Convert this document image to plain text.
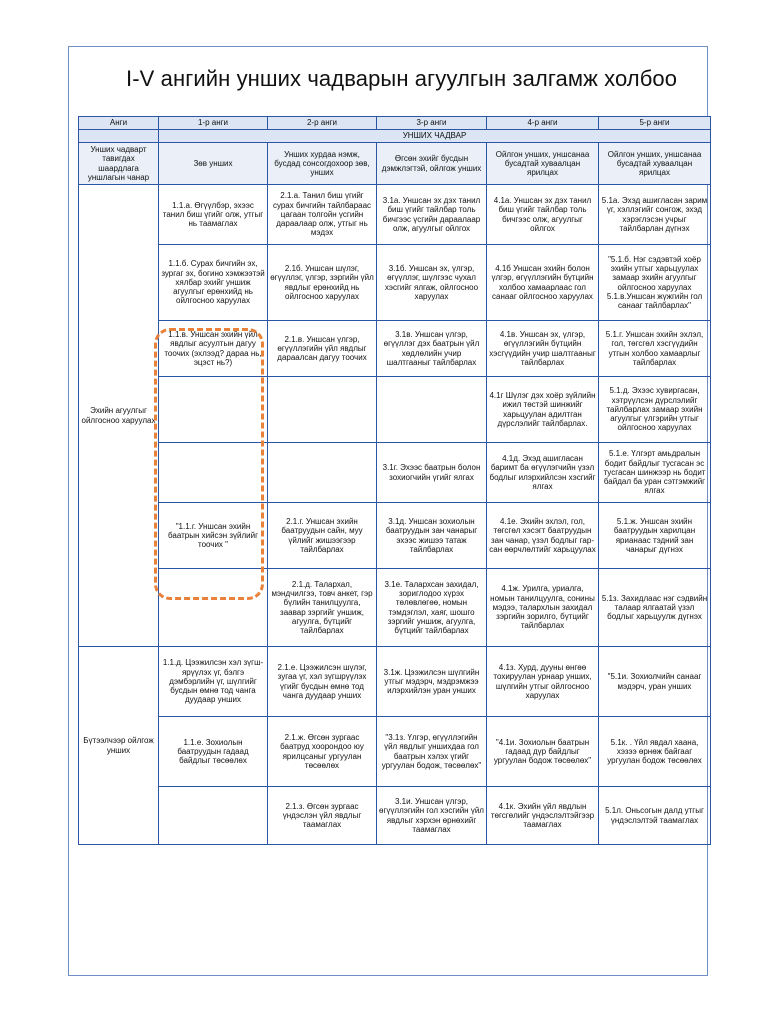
I-V ангийн унших чадварын агуулгын залгамж холбоо
Анги	1-р анги	2-р анги	3-р анги	4-р анги	5-р анги
	УНШИХ ЧАДВАР				
Унших чадварт тавигдах шаардлага уншлагын чанар	Зөв унших	Унших хурдаа нэмж, бусдад сонсогдохоор зөв, унших	Өгсөн эхийг бусдын дэмжлэгтэй, ойлгож унших	Ойлгон унших, уншсанаа бусадтай хуваалцан ярилцах	Ойлгон унших, уншсанаа бусадтай хуваалцан ярилцах
Эхийн агуулгыг ойлгосноо харуулах	1.1.а. Өгүүлбэр, эхээс танил биш үгийг олж, утгыг нь таамаглах	2.1.а. Танил биш үгийг сурах бичгийн тайлбараас цагаан толгойн үсгийн дараалаар олж, утгыг нь мэдэх	3.1а. Уншсан эх дэх танил биш үгийг тайлбар толь бичгээс үсгийн дараалаар олж, агуулгыг ойлгох	4.1а. Уншсан эх дэх танил биш үгийг тайлбар толь бичгээс олж, агуулгыг ойлгох	5.1а. Эхэд ашигласан зарим үг, хэллэгийг сонгож, эхэд хэрэглэсэн учрыг тайлбарлан дүгнэх
	1.1.б. Сурах бичгийн эх, зургаг эх, богино хэмжээтэй хялбар эхийг уншиж агуулгыг ерөнхийд нь ойлгосноо харуулах	2.1б. Уншсан шүлэг, өгүүллэг, үлгэр, зэргийн үйл явдлыг ерөнхийд нь ойлгосноо харуулах	3.1б. Уншсан эх, үлгэр, өгүүллэг, шүлгээс чухал хэсгийг ялгаж, ойлгосноо харуулах	4.1б Уншсан эхийн болон үлгэр, өгүүллэгийн бүтцийн холбоо хамаарлаас гол санааг ойлгосноо харуулах	"5.1.б. Нэг сэдэвтэй хоёр эхийн утгыг харьцуулах замаар эхийн агуулгыг ойлгосноо харуулах 5.1.в.Уншсан жүжгийн гол санааг тайлбарлах"
	1.1.в. Уншсан эхийн үйл явдлыг асуултын дагуу тоочих (эхлээд? дараа нь, эцэст нь?)	2.1.в. Уншсан үлгэр, өгүүллэгийн үйл явдлыг дараалсан дагуу тоочих	3.1в. Уншсан үлгэр, өгүүллэг дэх баатрын үйл хөдлөлийн учир шалтгааныг тайлбарлах	4.1в. Уншсан эх, үлгэр, өгүүллэгийн бүтцийн хэсгүүдийн учир шалтгааныг тайлбарлах	5.1.г. Уншсан эхийн эхлэл, гол, төгсгөл хэсгүүдийн утгын холбоо хамаарлыг тайлбарлах
				4.1г Шүлэг дэх хоёр зүйлийн ижил төстэй шинжийг харьцуулан адилтган дүрслэлийг тайлбарлах.	5.1.д. Эхээс хувиргасан, хэтрүүлсэн дүрслэлийг тайлбарлах замаар эхийн агуулгыг үлгэрийн утгыг ойлгосноо харуулах
			3.1г. Эхээс баатрын болон зохиогчийн үгийг ялгах	4.1д. Эхэд ашигласан баримт ба өгүүлэгчийн үзэл бодлыг илэрхийлсэн хэсгийг ялгах	5.1.е. Үлгэрт амьдралын бодит байдлыг тусгасан эс тусгасан шинжээр нь бодит байдал ба уран сэтгэмжийг ялгах
	"1.1.г. Уншсан эхийн баатрын хийсэн зүйлийг тоочих "	2.1.г. Уншсан эхийн баатруудын сайн, муу үйлийг жишээгээр тайлбарлах	3.1д. Уншсан зохиолын баатруудын зан чанарыг эхээс жишээ татаж тайлбарлах	4.1е. Эхийн эхлэл, гол, төгсгөл хэсэгт баатруудын зан чанар, үзэл бодлыг гар-сан өөрчлөлтийг харьцуулах	5.1.ж. Уншсан эхийн баатруудын харилцан ярианаас тэдний зан чанарыг дүгнэх
		2.1.д. Талархал, мэндчилгээ, товч анкет, гэр бүлийн танилцуулга, заавар зэргийг уншиж, агуулга, бүтцийг тайлбарлах	3.1е. Талархсан захидал, зориглодоо хүрэх төлөвлөгөө, номын тэмдэглэл, хаяг, шошго зэргийг уншиж, агуулга, бүтцийг тайлбарлах	4.1ж. Урилга, уриалга, номын танилцуулга, сонины мэдээ, талархлын захидал зэргийн зорилго, бүтцийг тайлбарлах	5.1з. Захидлаас нэг сэдвийн талаар ялгаатай үзэл бодлыг харьцуулж дүгнэх
Бүтээлчээр ойлгож унших	1.1.д. Цээжилсэн хэл зүгш-ярүүлэх үг, бэлгэ дэмбэрлийн үг, шүлгийг бусдын өмнө тод чанга дуудаар унших	2.1.е. Цээжилсэн шүлэг, зугаа үг, хэл зүгшрүүлэх үгийг бусдын өмнө тод чанга дуудаар унших	3.1ж. Цээжилсэн шүлгийн утгыг мэдэрч, мэдрэмжээ илэрхийлэн уран унших	4.1з. Хурд, дууны өнгөө тохируулан урнаар унших, шүлгийн утгыг ойлгосноо харуулах	"5.1и. Зохиолчийн санааг мэдэрч, уран унших
	1.1.е. Зохиолын баатруудын гадаад байдлыг төсөөлөх	2.1.ж. Өгсөн зургаас баатруд хоорондоо юу ярилцсаныг ургуулан төсөөлөх	"3.1з. Үлгэр, өгүүллэгийн үйл явдлыг уншихдаа гол баатрын хэлэх үгийг ургуулан бодож, төсөөлөх"	"4.1и. Зохиолын баатрын гадаад дүр байдлыг ургуулан бодож төсөөлөх"	5.1к. . Үйл явдал хаана, хэзээ өрнөж байгааг ургуулан бодож төсөөлөх
		2.1.з. Өгсөн зургаас үндэслэн үйл явдлыг таамаглах	3.1и. Уншсан үлгэр, өгүүллэгийн гол хэсгийн үйл явдлыг хэрхэн өрнөхийг таамаглах	4.1к. Эхийн үйл явдлын төгсгөлийг үндэслэлтэйгээр таамаглах	5.1л. Оньсогын далд утгыг үндэслэлтэй таамаглах
